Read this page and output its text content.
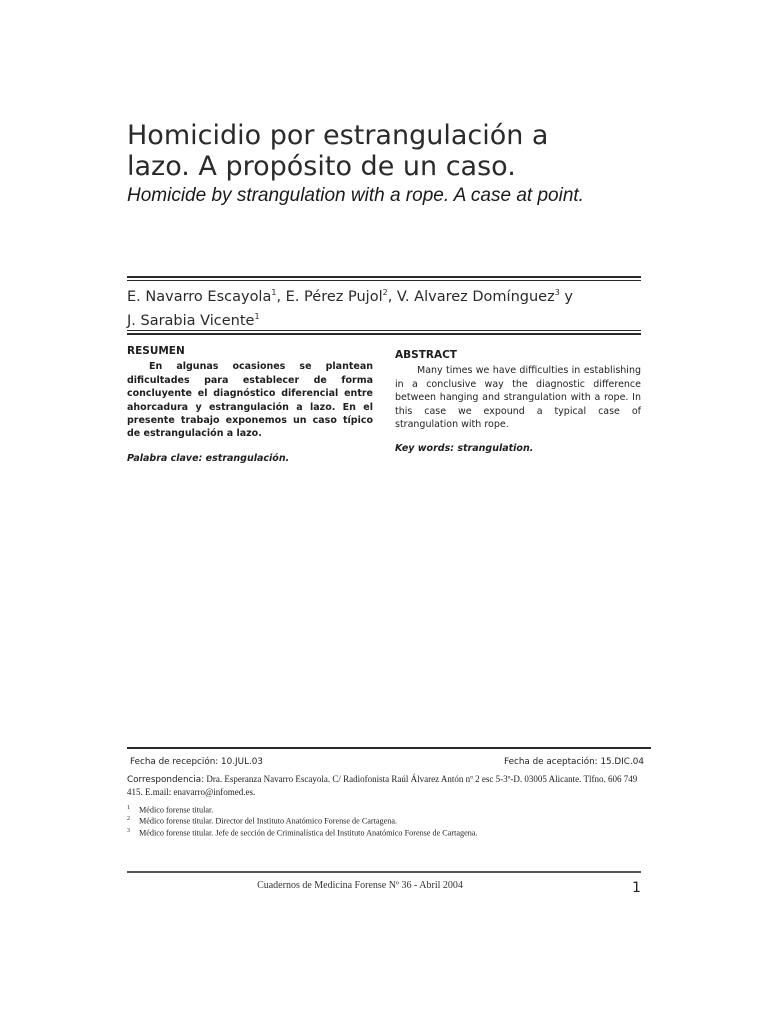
Homicidio por estrangulación a
lazo. A propósito de un caso.
Homicide by strangulation with a rope. A case at point.
E. Navarro Escayola$^1$, E. Pérez Pujol$^2$, V. Alvarez Domínguez$^3$ y
J. Sarabia Vicente$^1$
RESUMEN

En algunas ocasiones se plantean dificultades para establecer de forma concluyente el diagnóstico diferencial entre ahorcadura y estrangulación a lazo. En el presente trabajo exponemos un caso típico de estrangulación a lazo.

Palabra clave: estrangulación.
ABSTRACT

Many times we have difficulties in establishing in a conclusive way the diagnostic difference between hanging and strangulation with a rope. In this case we expound a typical case of strangulation with rope.

Key words: strangulation.
Fecha de recepción: 10.JUL.03	Fecha de aceptación: 15.DIC.04
Correspondencia: Dra. Esperanza Navarro Escayola. C/ Radiofonista Raúl Álvarez Antón nº 2 esc 5-3º-D. 03005 Alicante. Tlfno. 606 749 415. E.mail: enavarro@infomed.es.
$^1$ Médico forense titular.
$^2$ Médico forense titular. Director del Instituto Anatómico Forense de Cartagena.
$^3$ Médico forense titular. Jefe de sección de Criminalística del Instituto Anatómico Forense de Cartagena.
Cuadernos de Medicina Forense Nº 36 - Abril 2004	1
